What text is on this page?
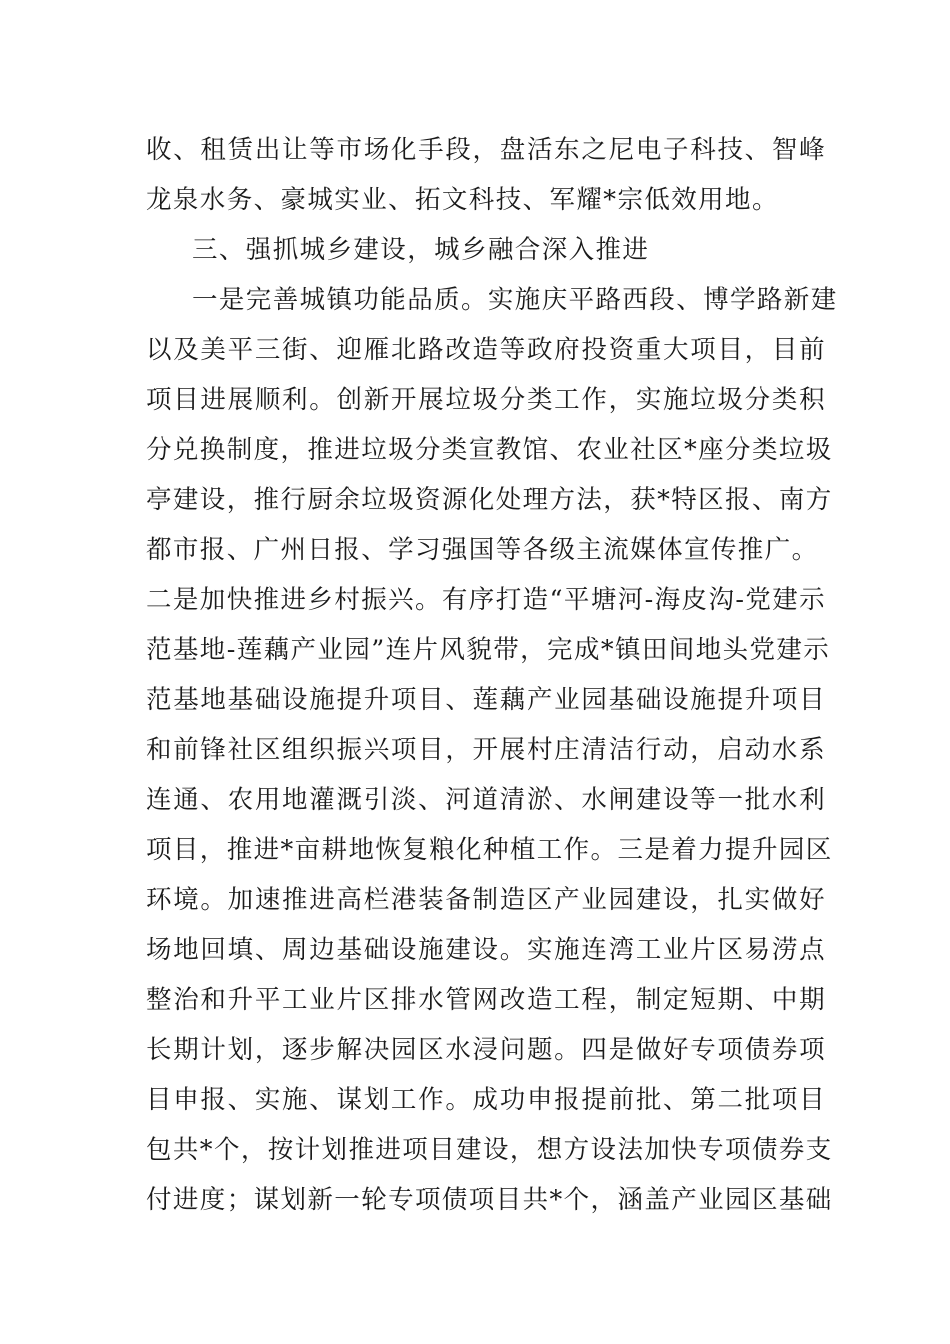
收、租赁出让等市场化手段，盘活东之尼电子科技、智峰
龙泉水务、豪城实业、拓文科技、军耀*宗低效用地。
三、强抓城乡建设，城乡融合深入推进
一是完善城镇功能品质。实施庆平路西段、博学路新建
以及美平三街、迎雁北路改造等政府投资重大项目，目前
项目进展顺利。创新开展垃圾分类工作，实施垃圾分类积
分兑换制度，推进垃圾分类宣教馆、农业社区*座分类垃圾
亭建设，推行厨余垃圾资源化处理方法，获*特区报、南方
都市报、广州日报、学习强国等各级主流媒体宣传推广。
二是加快推进乡村振兴。有序打造“平塘河-海皮沟-党建示
范基地-莲藕产业园”连片风貌带，完成*镇田间地头党建示
范基地基础设施提升项目、莲藕产业园基础设施提升项目
和前锋社区组织振兴项目，开展村庄清洁行动，启动水系
连通、农用地灌溉引淡、河道清淤、水闸建设等一批水利
项目，推进*亩耕地恢复粮化种植工作。三是着力提升园区
环境。加速推进高栏港装备制造区产业园建设，扎实做好
场地回填、周边基础设施建设。实施连湾工业片区易涝点
整治和升平工业片区排水管网改造工程，制定短期、中期
长期计划，逐步解决园区水浸问题。四是做好专项债券项
目申报、实施、谋划工作。成功申报提前批、第二批项目
包共*个，按计划推进项目建设，想方设法加快专项债券支
付进度；谋划新一轮专项债项目共*个，涵盖产业园区基础
